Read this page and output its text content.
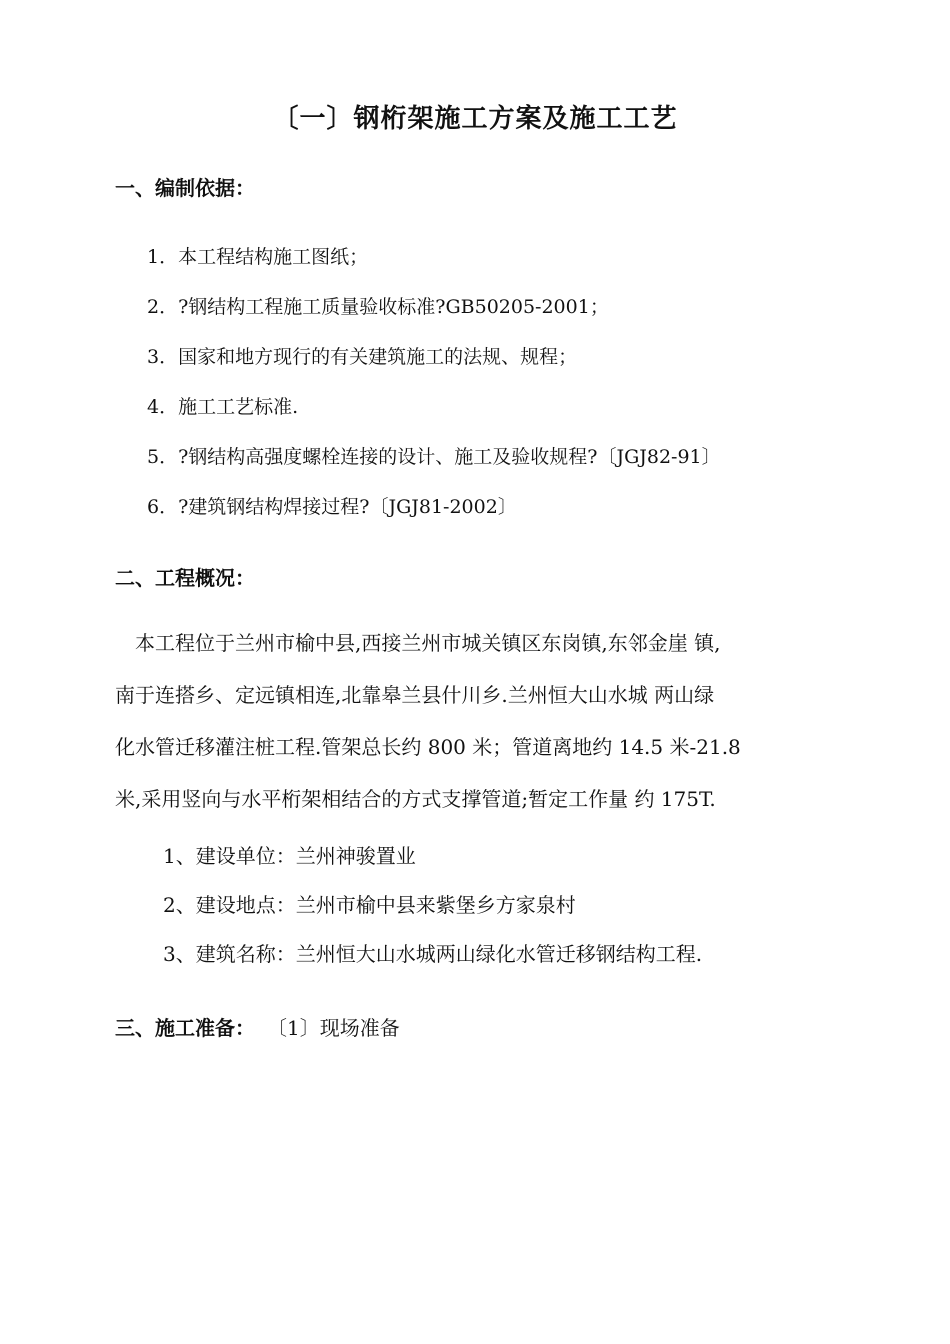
〔一〕钢桁架施工方案及施工工艺
一、编制依据：
1．本工程结构施工图纸；
2．?钢结构工程施工质量验收标准?GB50205-2001；
3．国家和地方现行的有关建筑施工的法规、规程；
4．施工工艺标准.
5．?钢结构高强度螺栓连接的设计、施工及验收规程?〔JGJ82-91〕
6．?建筑钢结构焊接过程?〔JGJ81-2002〕
二、工程概况：

　本工程位于兰州市榆中县,西接兰州市城关镇区东岗镇,东邻金崖 镇,
南于连搭乡、定远镇相连,北靠皋兰县什川乡.兰州恒大山水城 两山绿
化水管迁移灌注桩工程.管架总长约 800 米；管道离地约 14.5 米-21.8
米,采用竖向与水平桁架相结合的方式支撑管道;暂定工作量 约 175T.

1、建设单位：兰州神骏置业
2、建设地点：兰州市榆中县来紫堡乡方家泉村
3、建筑名称：兰州恒大山水城两山绿化水管迁移钢结构工程.
三、施工准备： 〔1〕现场准备
